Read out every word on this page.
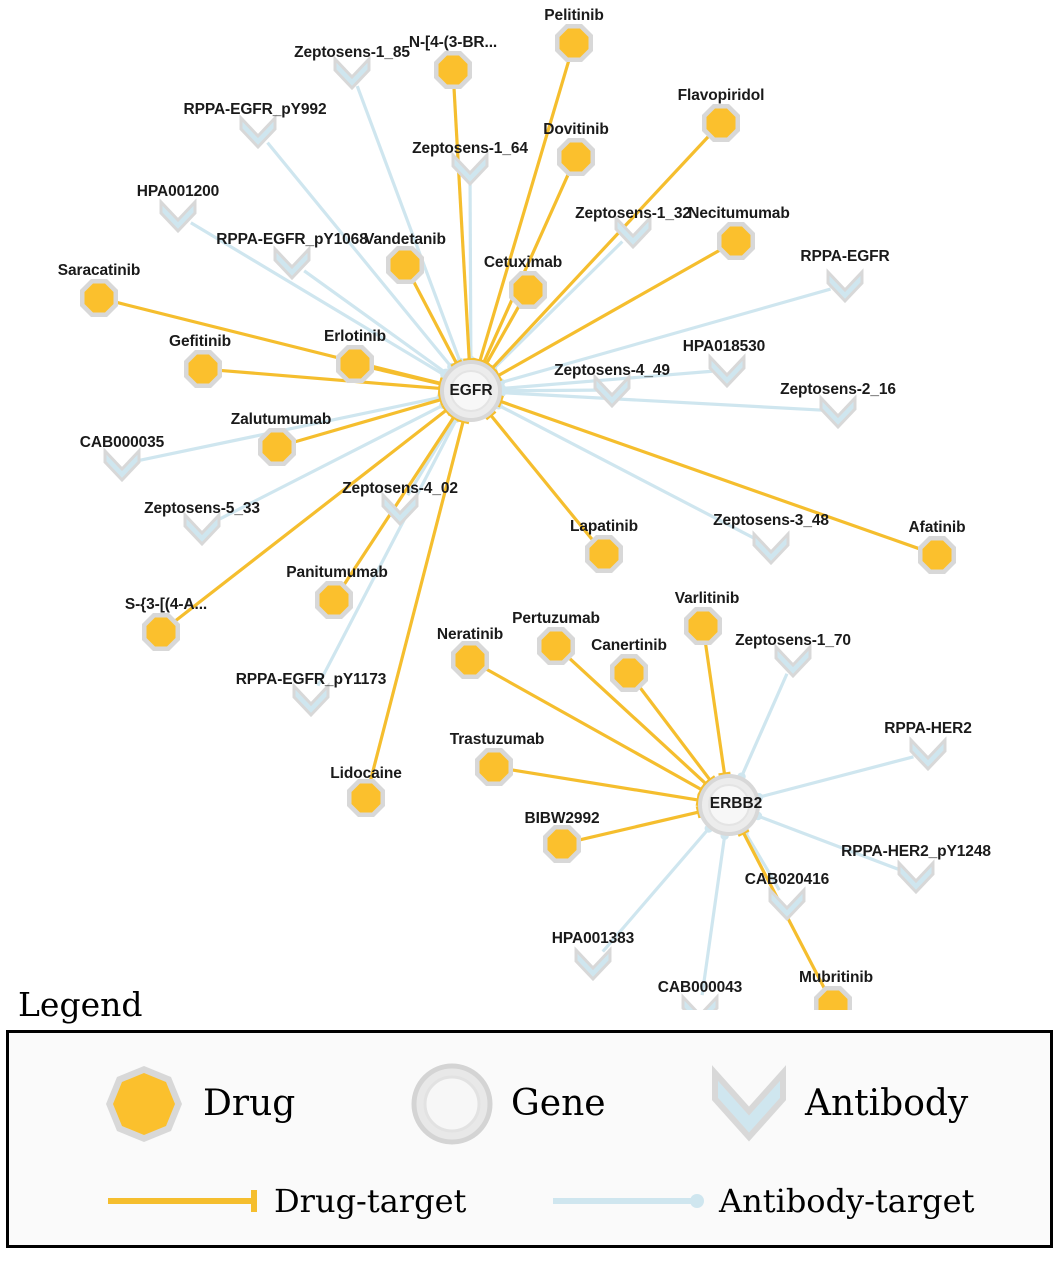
Zeptosens-1_85
RPPA-EGFR_pY992
Zeptosens-1_64
HPA001200
Zeptosens-1_32
RPPA-EGFR_pY1068
RPPA-EGFR
HPA018530
Zeptosens-4_49
Zeptosens-2_16
CAB000035
Zeptosens-4_02
Zeptosens-5_33
Zeptosens-3_48
Zeptosens-1_70
RPPA-EGFR_pY1173
RPPA-HER2
RPPA-HER2_pY1248
CAB020416
HPA001383
CAB000043
Pelitinib
N-[4-(3-BR...
Flavopiridol
Dovitinib
Necitumumab
Vandetanib
Cetuximab
Saracatinib
Erlotinib
Gefitinib
Zalutumumab
Afatinib
Lapatinib
Varlitinib
Panitumumab
S-{3-[(4-A...
Pertuzumab
Neratinib
Canertinib
Trastuzumab
Lidocaine
BIBW2992
Mubritinib
EGFR
ERBB2
Legend
Drug	Gene	Antibody
Drug-target	Antibody-target
